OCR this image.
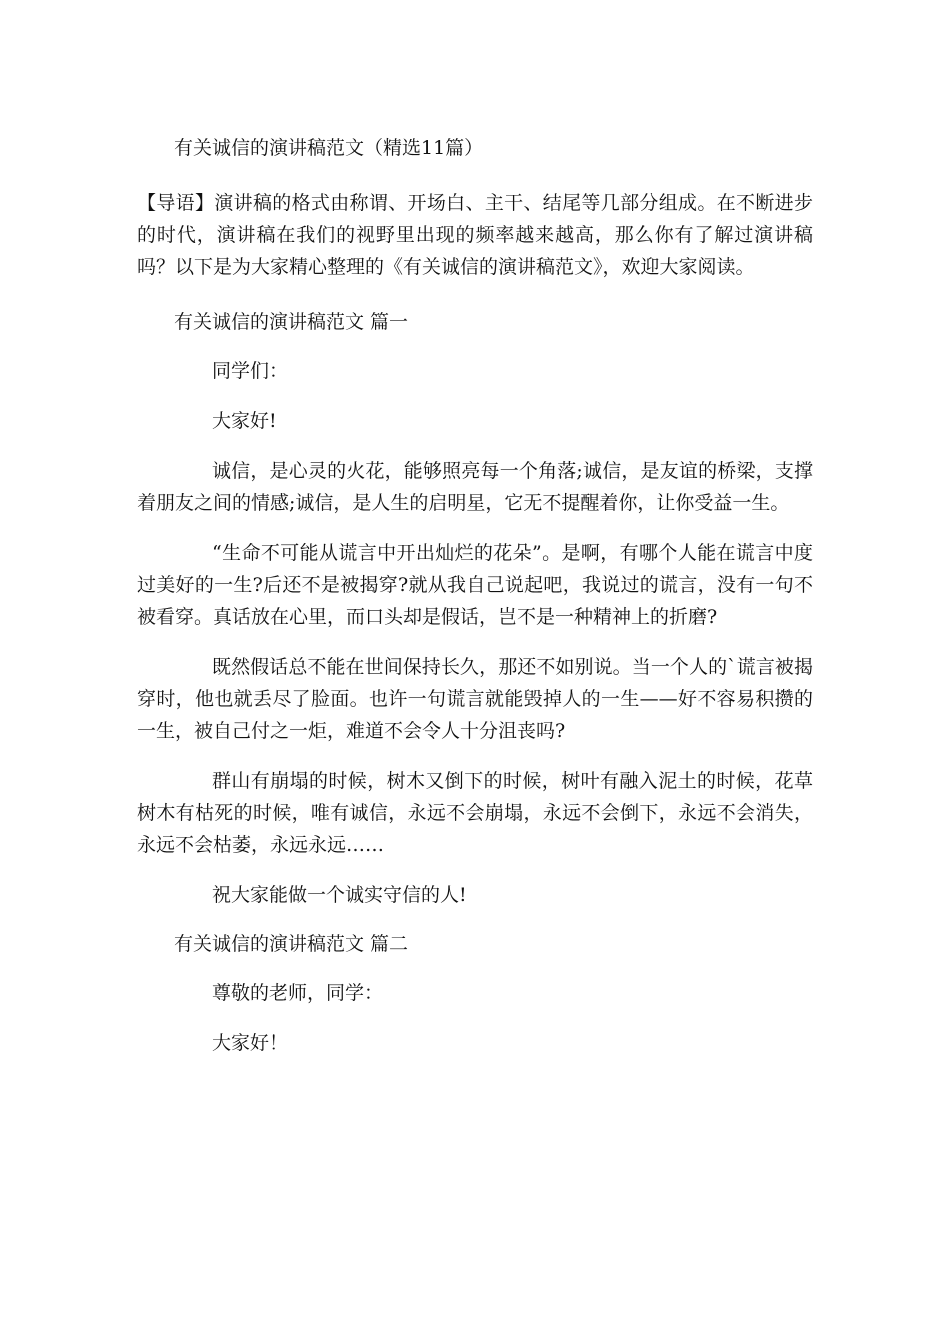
有关诚信的演讲稿范文（精选11篇）

【导语】演讲稿的格式由称谓、开场白、主干、结尾等几部分组成。在不断进步的时代，演讲稿在我们的视野里出现的频率越来越高，那么你有了解过演讲稿吗？以下是为大家精心整理的《有关诚信的演讲稿范文》，欢迎大家阅读。

有关诚信的演讲稿范文 篇一

同学们：

大家好!

诚信，是心灵的火花，能够照亮每一个角落;诚信，是友谊的桥梁，支撑着朋友之间的情感;诚信，是人生的启明星，它无不提醒着你，让你受益一生。

“生命不可能从谎言中开出灿烂的花朵”。是啊，有哪个人能在谎言中度过美好的一生?后还不是被揭穿?就从我自己说起吧，我说过的谎言，没有一句不被看穿。真话放在心里，而口头却是假话，岂不是一种精神上的折磨?

既然假话总不能在世间保持长久，那还不如别说。当一个人的`谎言被揭穿时，他也就丢尽了脸面。也许一句谎言就能毁掉人的一生——好不容易积攒的一生，被自己付之一炬，难道不会令人十分沮丧吗?

群山有崩塌的时候，树木又倒下的时候，树叶有融入泥土的时候，花草树木有枯死的时候，唯有诚信，永远不会崩塌，永远不会倒下，永远不会消失，永远不会枯萎，永远永远……

祝大家能做一个诚实守信的人!

有关诚信的演讲稿范文 篇二

尊敬的老师，同学：

大家好！
